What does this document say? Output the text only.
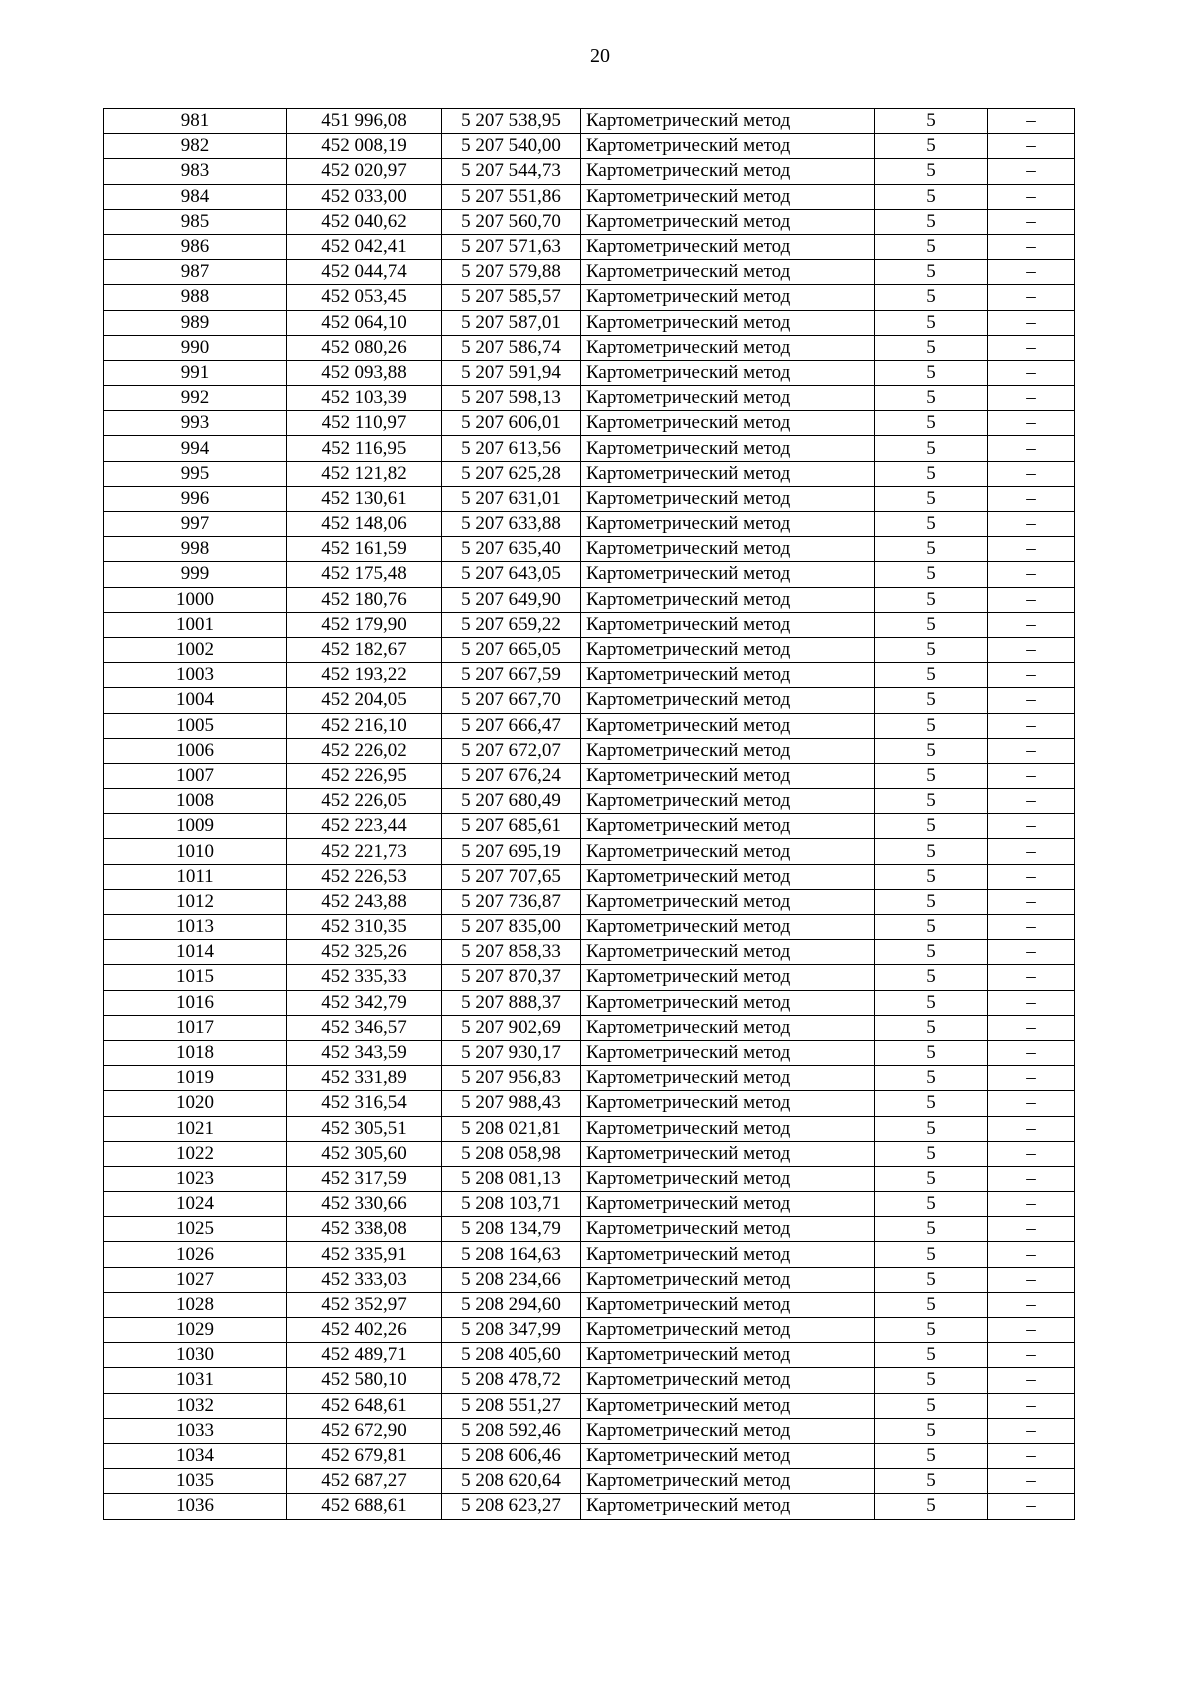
20
981	451 996,08	5 207 538,95	Картометрический метод	5	–
982	452 008,19	5 207 540,00	Картометрический метод	5	–
983	452 020,97	5 207 544,73	Картометрический метод	5	–
984	452 033,00	5 207 551,86	Картометрический метод	5	–
985	452 040,62	5 207 560,70	Картометрический метод	5	–
986	452 042,41	5 207 571,63	Картометрический метод	5	–
987	452 044,74	5 207 579,88	Картометрический метод	5	–
988	452 053,45	5 207 585,57	Картометрический метод	5	–
989	452 064,10	5 207 587,01	Картометрический метод	5	–
990	452 080,26	5 207 586,74	Картометрический метод	5	–
991	452 093,88	5 207 591,94	Картометрический метод	5	–
992	452 103,39	5 207 598,13	Картометрический метод	5	–
993	452 110,97	5 207 606,01	Картометрический метод	5	–
994	452 116,95	5 207 613,56	Картометрический метод	5	–
995	452 121,82	5 207 625,28	Картометрический метод	5	–
996	452 130,61	5 207 631,01	Картометрический метод	5	–
997	452 148,06	5 207 633,88	Картометрический метод	5	–
998	452 161,59	5 207 635,40	Картометрический метод	5	–
999	452 175,48	5 207 643,05	Картометрический метод	5	–
1000	452 180,76	5 207 649,90	Картометрический метод	5	–
1001	452 179,90	5 207 659,22	Картометрический метод	5	–
1002	452 182,67	5 207 665,05	Картометрический метод	5	–
1003	452 193,22	5 207 667,59	Картометрический метод	5	–
1004	452 204,05	5 207 667,70	Картометрический метод	5	–
1005	452 216,10	5 207 666,47	Картометрический метод	5	–
1006	452 226,02	5 207 672,07	Картометрический метод	5	–
1007	452 226,95	5 207 676,24	Картометрический метод	5	–
1008	452 226,05	5 207 680,49	Картометрический метод	5	–
1009	452 223,44	5 207 685,61	Картометрический метод	5	–
1010	452 221,73	5 207 695,19	Картометрический метод	5	–
1011	452 226,53	5 207 707,65	Картометрический метод	5	–
1012	452 243,88	5 207 736,87	Картометрический метод	5	–
1013	452 310,35	5 207 835,00	Картометрический метод	5	–
1014	452 325,26	5 207 858,33	Картометрический метод	5	–
1015	452 335,33	5 207 870,37	Картометрический метод	5	–
1016	452 342,79	5 207 888,37	Картометрический метод	5	–
1017	452 346,57	5 207 902,69	Картометрический метод	5	–
1018	452 343,59	5 207 930,17	Картометрический метод	5	–
1019	452 331,89	5 207 956,83	Картометрический метод	5	–
1020	452 316,54	5 207 988,43	Картометрический метод	5	–
1021	452 305,51	5 208 021,81	Картометрический метод	5	–
1022	452 305,60	5 208 058,98	Картометрический метод	5	–
1023	452 317,59	5 208 081,13	Картометрический метод	5	–
1024	452 330,66	5 208 103,71	Картометрический метод	5	–
1025	452 338,08	5 208 134,79	Картометрический метод	5	–
1026	452 335,91	5 208 164,63	Картометрический метод	5	–
1027	452 333,03	5 208 234,66	Картометрический метод	5	–
1028	452 352,97	5 208 294,60	Картометрический метод	5	–
1029	452 402,26	5 208 347,99	Картометрический метод	5	–
1030	452 489,71	5 208 405,60	Картометрический метод	5	–
1031	452 580,10	5 208 478,72	Картометрический метод	5	–
1032	452 648,61	5 208 551,27	Картометрический метод	5	–
1033	452 672,90	5 208 592,46	Картометрический метод	5	–
1034	452 679,81	5 208 606,46	Картометрический метод	5	–
1035	452 687,27	5 208 620,64	Картометрический метод	5	–
1036	452 688,61	5 208 623,27	Картометрический метод	5	–
